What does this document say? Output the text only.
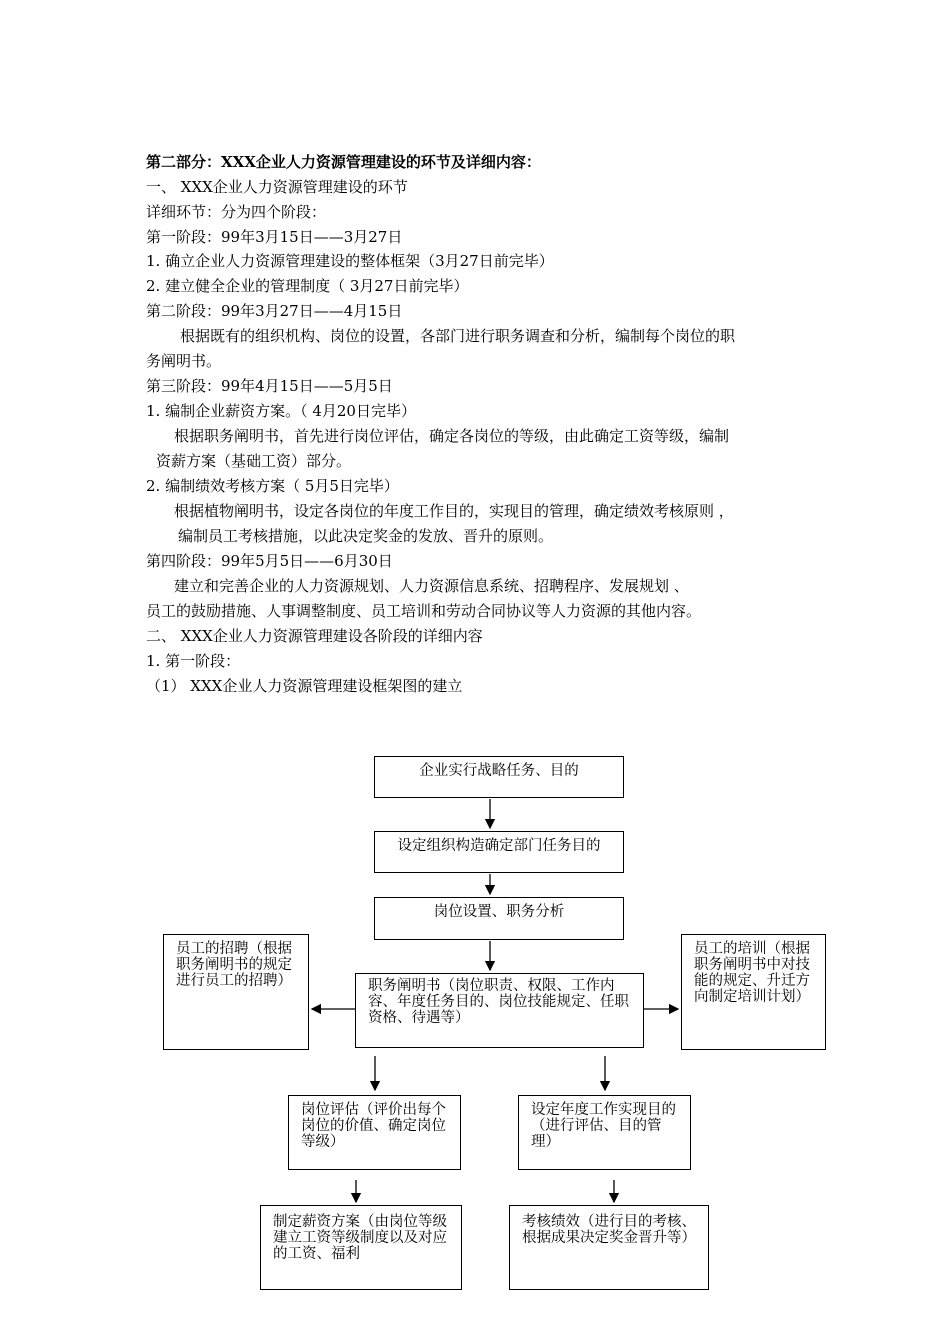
第二部分：XXX企业人力资源管理建设的环节及详细内容：
一、 XXX企业人力资源管理建设的环节
详细环节：分为四个阶段：
第一阶段：99年3月15日——3月27日
1. 确立企业人力资源管理建设的整体框架（3月27日前完毕）
2. 建立健全企业的管理制度（ 3月27日前完毕）
第二阶段：99年3月27日——4月15日
根据既有的组织机构、岗位的设置，各部门进行职务调查和分析，编制每个岗位的职
务阐明书。
第三阶段：99年4月15日——5月5日
1. 编制企业薪资方案。（ 4月20日完毕）
根据职务阐明书，首先进行岗位评估，确定各岗位的等级，由此确定工资等级，编制
资薪方案（基础工资）部分。
2. 编制绩效考核方案（ 5月5日完毕）
根据植物阐明书，设定各岗位的年度工作目的，实现目的管理，确定绩效考核原则 ，
编制员工考核措施，以此决定奖金的发放、晋升的原则。
第四阶段：99年5月5日——6月30日
建立和完善企业的人力资源规划、人力资源信息系统、招聘程序、发展规划 、
员工的鼓励措施、人事调整制度、员工培训和劳动合同协议等人力资源的其他内容。
二、 XXX企业人力资源管理建设各阶段的详细内容
1. 第一阶段：
（1） XXX企业人力资源管理建设框架图的建立
企业实行战略任务、目的
设定组织构造确定部门任务目的
岗位设置、职务分析
职务阐明书（岗位职责、权限、工作内容、年度任务目的、岗位技能规定、任职资格、待遇等）
员工的招聘（根据职务阐明书的规定进行员工的招聘）
员工的培训（根据职务阐明书中对技能的规定、升迁方向制定培训计划）
岗位评估（评价出每个岗位的价值、确定岗位等级）
设定年度工作实现目的（进行评估、目的管理）
制定薪资方案（由岗位等级建立工资等级制度以及对应的工资、福利
考核绩效（进行目的考核、根据成果决定奖金晋升等）
